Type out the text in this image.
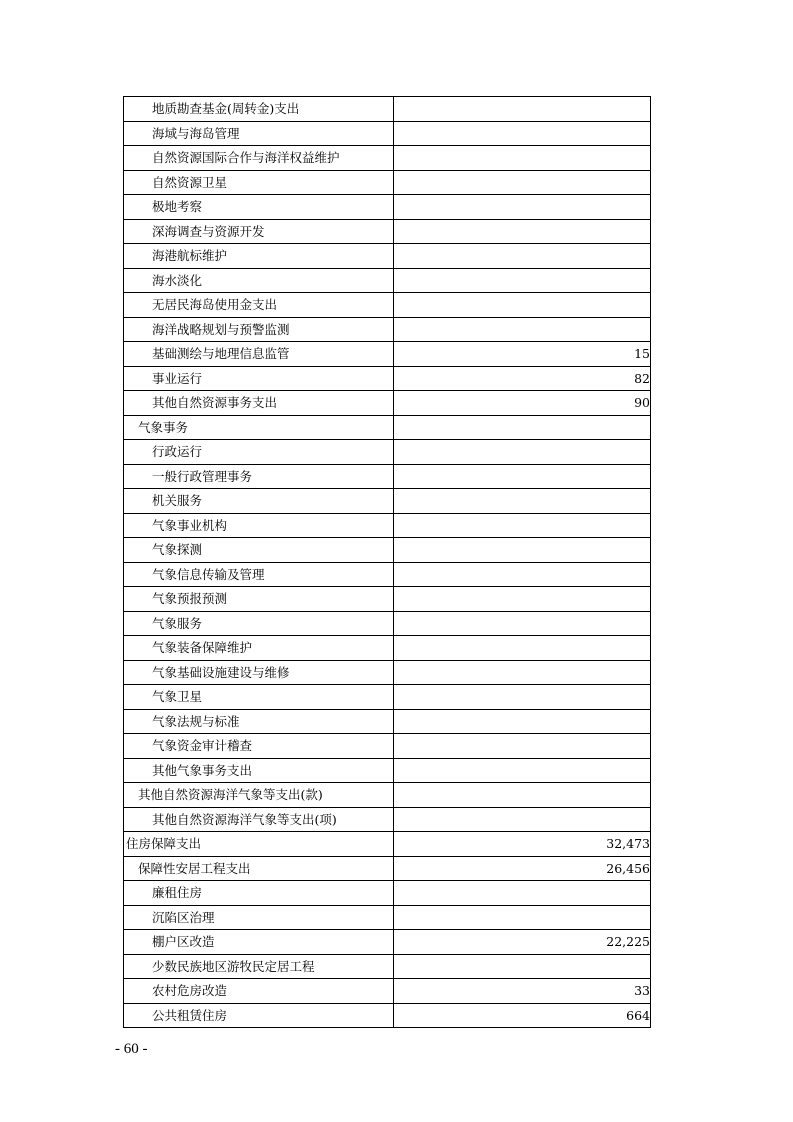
地质勘查基金(周转金)支出	
海域与海岛管理	
自然资源国际合作与海洋权益维护	
自然资源卫星	
极地考察	
深海调查与资源开发	
海港航标维护	
海水淡化	
无居民海岛使用金支出	
海洋战略规划与预警监测	
基础测绘与地理信息监管	15
事业运行	82
其他自然资源事务支出	90
气象事务	
行政运行	
一般行政管理事务	
机关服务	
气象事业机构	
气象探测	
气象信息传输及管理	
气象预报预测	
气象服务	
气象装备保障维护	
气象基础设施建设与维修	
气象卫星	
气象法规与标准	
气象资金审计稽查	
其他气象事务支出	
其他自然资源海洋气象等支出(款)	
其他自然资源海洋气象等支出(项)	
住房保障支出	32,473
保障性安居工程支出	26,456
廉租住房	
沉陷区治理	
棚户区改造	22,225
少数民族地区游牧民定居工程	
农村危房改造	33
公共租赁住房	664
- 60 -
